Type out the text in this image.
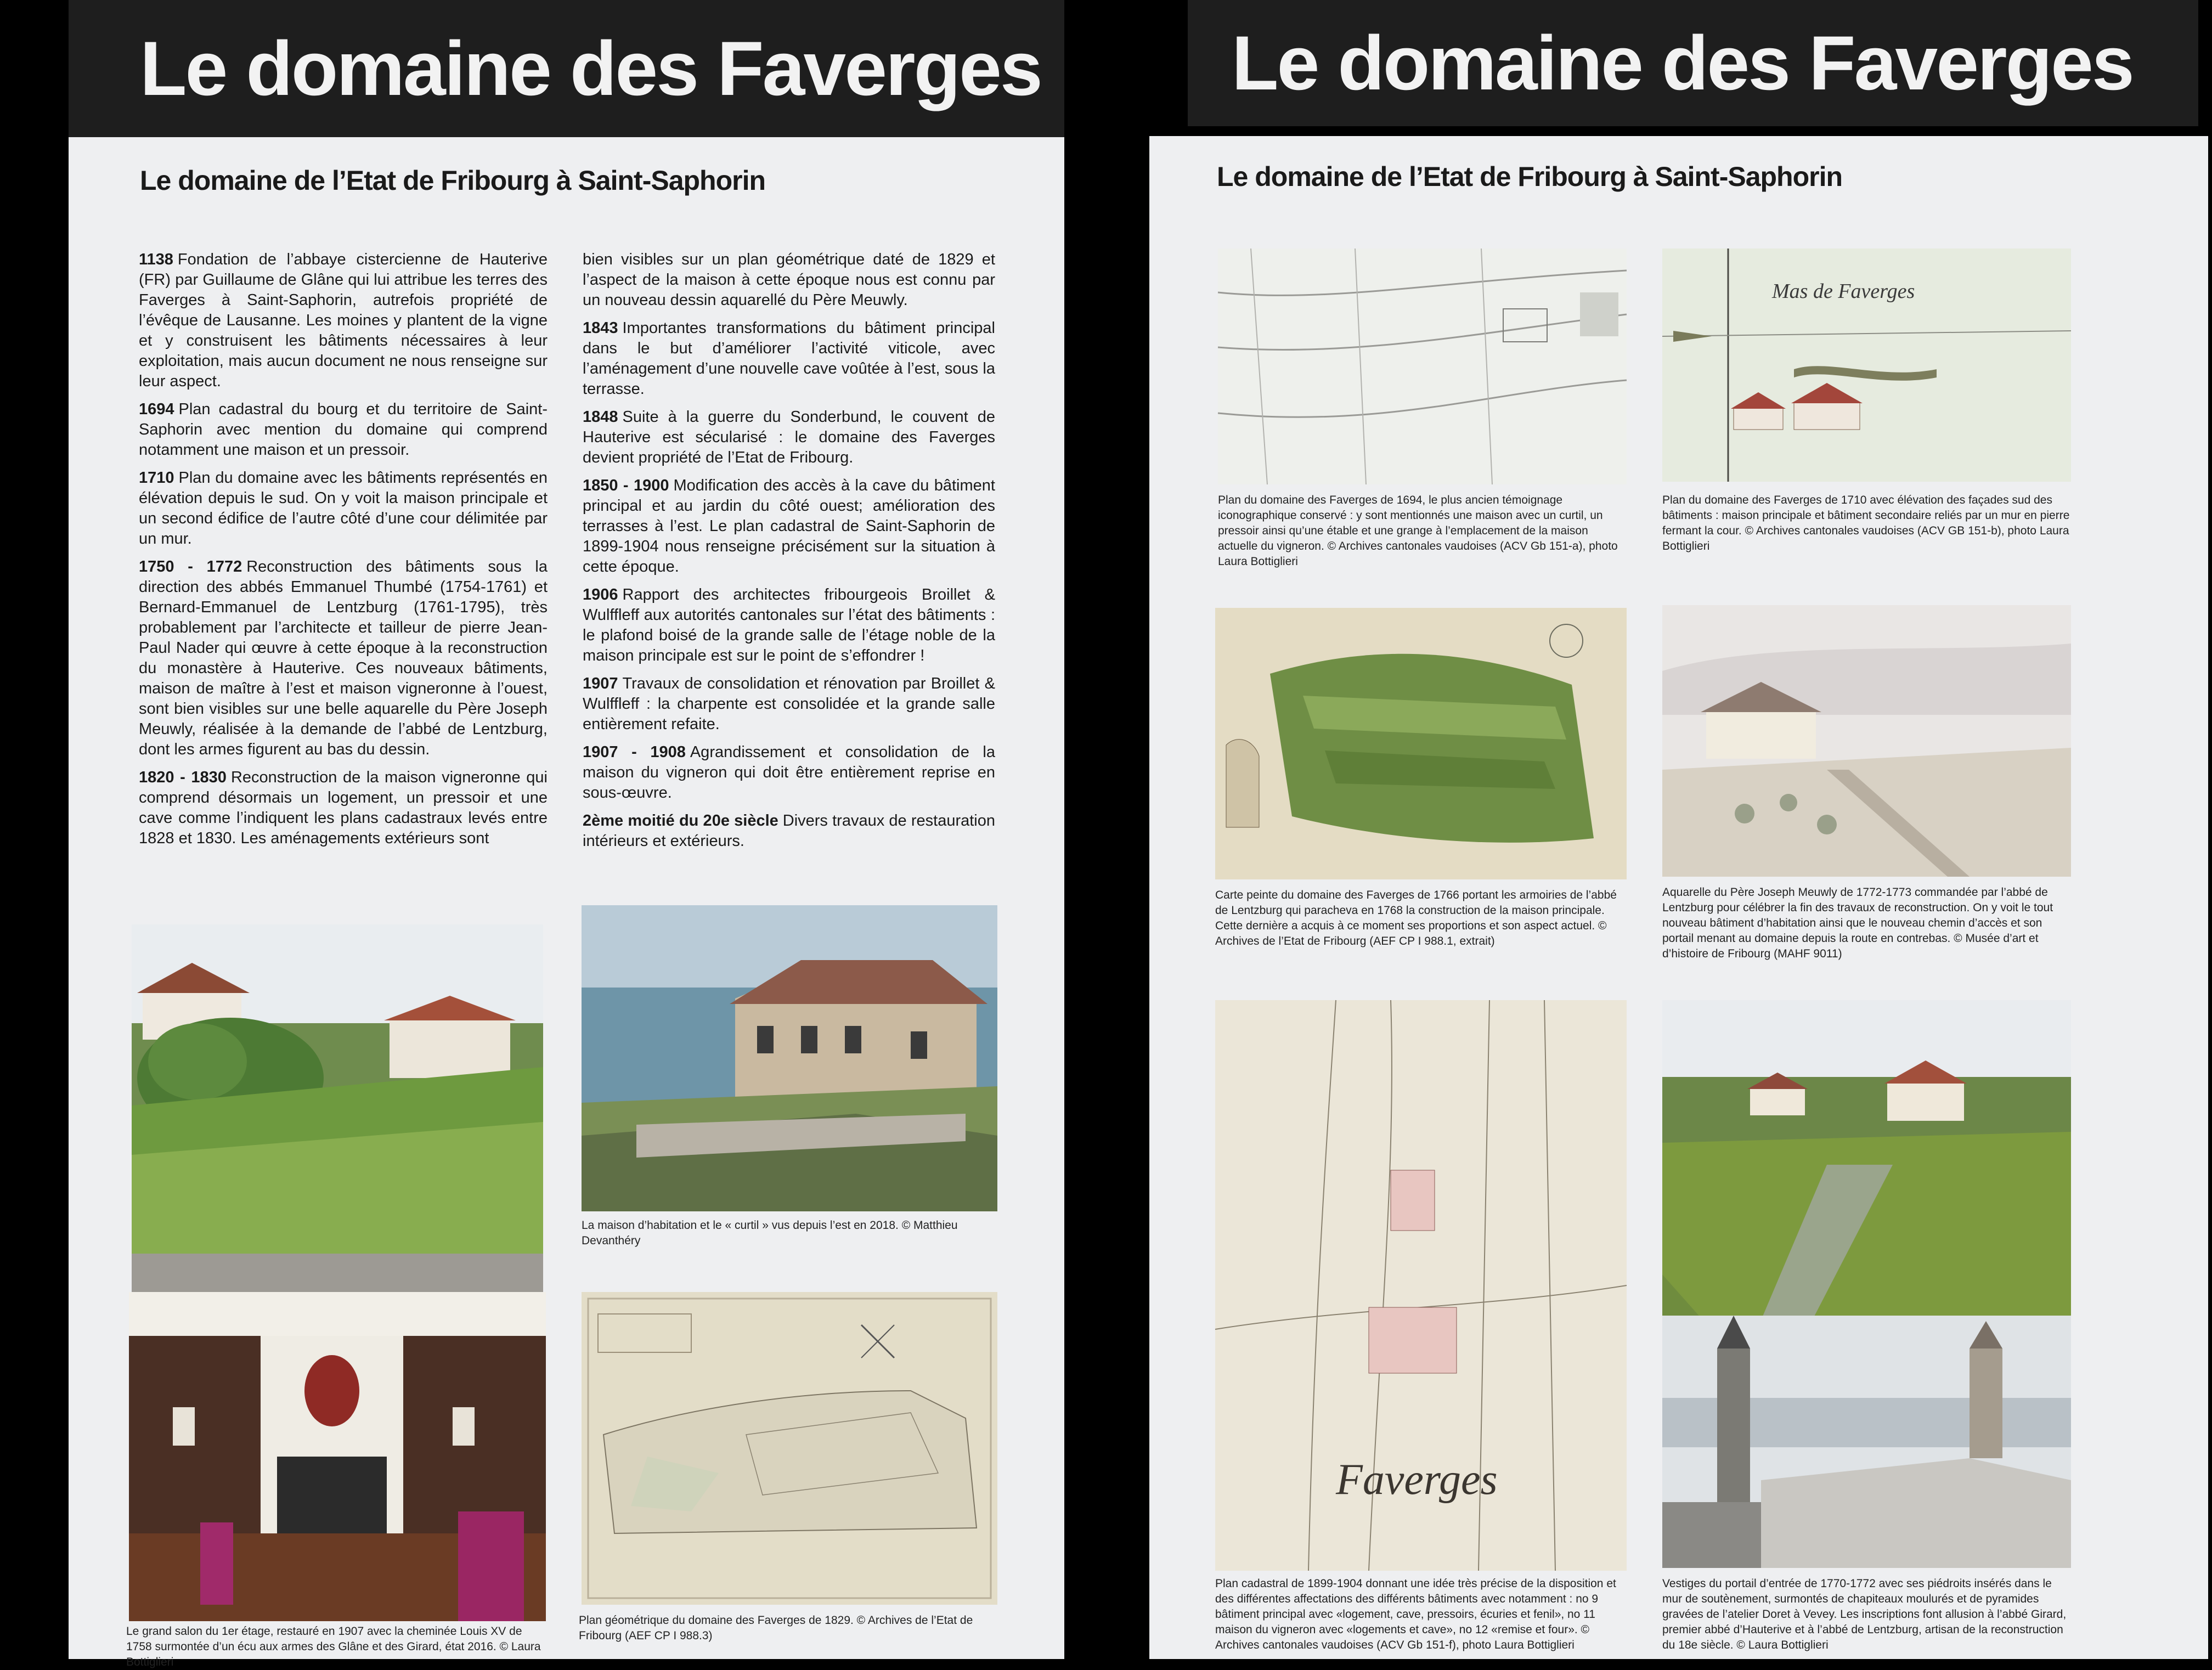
Le domaine des Faverges
Le domaine de l’Etat de Fribourg à Saint-Saphorin

1138 Fondation de l’abbaye cistercienne de Hauterive (FR) par Guillaume de Glâne qui lui attribue les terres des Faverges à Saint-Saphorin, autrefois propriété de l’évêque de Lausanne. Les moines y plantent de la vigne et y construisent les bâtiments nécessaires à leur exploitation, mais aucun document ne nous renseigne sur leur aspect.

1694 Plan cadastral du bourg et du territoire de Saint-Saphorin avec mention du domaine qui comprend notamment une maison et un pressoir.

1710 Plan du domaine avec les bâtiments représentés en élévation depuis le sud. On y voit la maison principale et un second édifice de l’autre côté d’une cour délimitée par un mur.

1750 - 1772 Reconstruction des bâtiments sous la direction des abbés Emmanuel Thumbé (1754-1761) et Bernard-Emmanuel de Lentzburg (1761-1795), très probablement par l’architecte et tailleur de pierre Jean-Paul Nader qui œuvre à cette époque à la reconstruction du monastère à Hauterive. Ces nouveaux bâtiments, maison de maître à l’est et maison vigneronne à l’ouest, sont bien visibles sur une belle aquarelle du Père Joseph Meuwly, réalisée à la demande de l’abbé de Lentzburg, dont les armes figurent au bas du dessin.

1820 - 1830 Reconstruction de la maison vigneronne qui comprend désormais un logement, un pressoir et une cave comme l’indiquent les plans cadastraux levés entre 1828 et 1830. Les aménagements extérieurs sont

bien visibles sur un plan géométrique daté de 1829 et l’aspect de la maison à cette époque nous est connu par un nouveau dessin aquarellé du Père Meuwly.

1843 Importantes transformations du bâtiment principal dans le but d’améliorer l’activité viticole, avec l’aménagement d’une nouvelle cave voûtée à l’est, sous la terrasse.

1848 Suite à la guerre du Sonderbund, le couvent de Hauterive est sécularisé : le domaine des Faverges devient propriété de l’Etat de Fribourg.

1850 - 1900 Modification des accès à la cave du bâtiment principal et au jardin du côté ouest; amélioration des terrasses à l’est. Le plan cadastral de Saint-Saphorin de 1899-1904 nous renseigne précisément sur la situation à cette époque.

1906 Rapport des architectes fribourgeois Broillet & Wulffleff aux autorités cantonales sur l’état des bâtiments : le plafond boisé de la grande salle de l’étage noble de la maison principale est sur le point de s’effondrer !

1907 Travaux de consolidation et rénovation par Broillet & Wulffleff : la charpente est consolidée et la grande salle entièrement refaite.

1907 - 1908 Agrandissement et consolidation de la maison du vigneron qui doit être entièrement reprise en sous-œuvre.

2ème moitié du 20e siècle Divers travaux de restauration intérieurs et extérieurs.

La maison d’habitation et le « curtil » vus depuis l’est en 2018. © Matthieu Devanthéry
Le grand salon du 1er étage, restauré en 1907 avec la cheminée Louis XV de 1758 surmontée d’un écu aux armes des Glâne et des Girard, état 2016. © Laura Bottiglieri
Plan géométrique du domaine des Faverges de 1829. © Archives de l’Etat de Fribourg (AEF CP I 988.3)
Le domaine des Faverges
Le domaine de l’Etat de Fribourg à Saint-Saphorin
Plan du domaine des Faverges de 1694, le plus ancien témoignage iconographique conservé : y sont mentionnés une maison avec un curtil, un pressoir ainsi qu’une étable et une grange à l’emplacement de la maison actuelle du vigneron. © Archives cantonales vaudoises (ACV Gb 151-a), photo Laura Bottiglieri
Mas de Faverges
Plan du domaine des Faverges de 1710 avec élévation des façades sud des bâtiments : maison principale et bâtiment secondaire reliés par un mur en pierre fermant la cour. © Archives cantonales vaudoises (ACV GB 151-b), photo Laura Bottiglieri
Carte peinte du domaine des Faverges de 1766 portant les armoiries de l’abbé de Lentzburg qui paracheva en 1768 la construction de la maison principale. Cette dernière a acquis à ce moment ses proportions et son aspect actuel. © Archives de l’Etat de Fribourg (AEF CP I 988.1, extrait)
Aquarelle du Père Joseph Meuwly de 1772-1773 commandée par l’abbé de Lentzburg pour célébrer la fin des travaux de reconstruction. On y voit le tout nouveau bâtiment d’habitation ainsi que le nouveau chemin d’accès et son portail menant au domaine depuis la route en contrebas. © Musée d’art et d’histoire de Fribourg (MAHF 9011)
Faverges
Plan cadastral de 1899-1904 donnant une idée très précise de la disposition et des différentes affectations des différents bâtiments avec notamment : no 9 bâtiment principal avec «logement, cave, pressoirs, écuries et fenil», no 11 maison du vigneron avec «logements et cave», no 12 «remise et four». © Archives cantonales vaudoises (ACV Gb 151-f), photo Laura Bottiglieri
Vestiges du portail d’entrée de 1770-1772 avec ses piédroits insérés dans le mur de soutènement, surmontés de chapiteaux moulurés et de pyramides gravées de l’atelier Doret à Vevey. Les inscriptions font allusion à l’abbé Girard, premier abbé d’Hauterive et à l’abbé de Lentzburg, artisan de la reconstruction du 18e siècle. © Laura Bottiglieri
